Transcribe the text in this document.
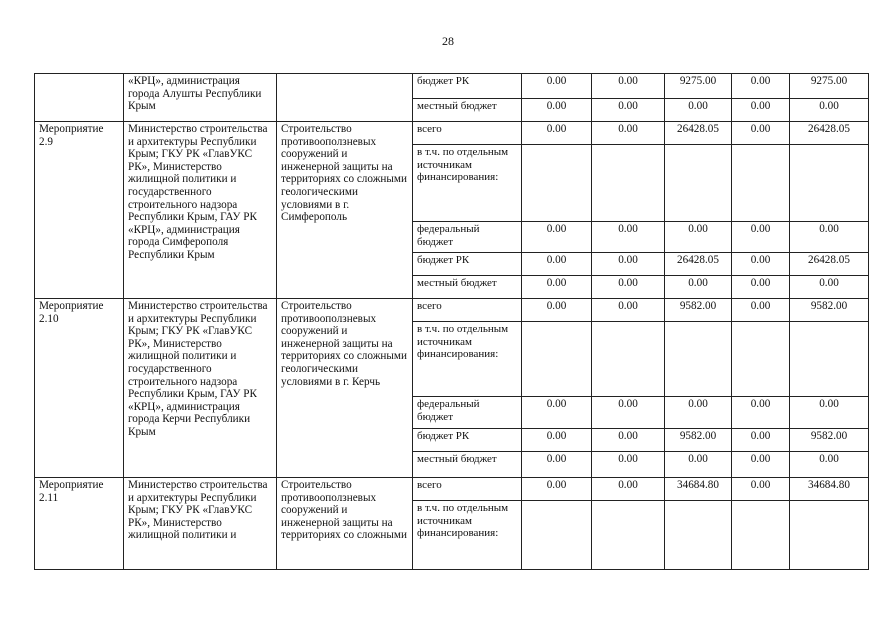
28
	«КРЦ», администрация города Алушты Республики Крым		бюджет РК	0.00	0.00	9275.00	0.00	9275.00
			местный бюджет	0.00	0.00	0.00	0.00	0.00
Мероприятие 2.9	Министерство строительства и архитектуры Республики Крым; ГКУ РК «ГлавУКС РК», Министерство жилищной политики и государственного строительного надзора Республики Крым, ГАУ РК «КРЦ», администрация города Симферополя Республики Крым	Строительство противооползневых сооружений и инженерной защиты на территориях со сложными геологическими условиями в г. Симферополь	всего	0.00	0.00	26428.05	0.00	26428.05
			в т.ч. по отдельным источникам финансирования:					
			федеральный бюджет	0.00	0.00	0.00	0.00	0.00
			бюджет РК	0.00	0.00	26428.05	0.00	26428.05
			местный бюджет	0.00	0.00	0.00	0.00	0.00
Мероприятие 2.10	Министерство строительства и архитектуры Республики Крым; ГКУ РК «ГлавУКС РК», Министерство жилищной политики и государственного строительного надзора Республики Крым, ГАУ РК «КРЦ», администрация города Керчи Республики Крым	Строительство противооползневых сооружений и инженерной защиты на территориях со сложными геологическими условиями в г. Керчь	всего	0.00	0.00	9582.00	0.00	9582.00
			в т.ч. по отдельным источникам финансирования:					
			федеральный бюджет	0.00	0.00	0.00	0.00	0.00
			бюджет РК	0.00	0.00	9582.00	0.00	9582.00
			местный бюджет	0.00	0.00	0.00	0.00	0.00
Мероприятие 2.11	Министерство строительства и архитектуры Республики Крым; ГКУ РК «ГлавУКС РК», Министерство жилищной политики и	Строительство противооползневых сооружений и инженерной защиты на территориях со сложными	всего	0.00	0.00	34684.80	0.00	34684.80
			в т.ч. по отдельным источникам финансирования:					
